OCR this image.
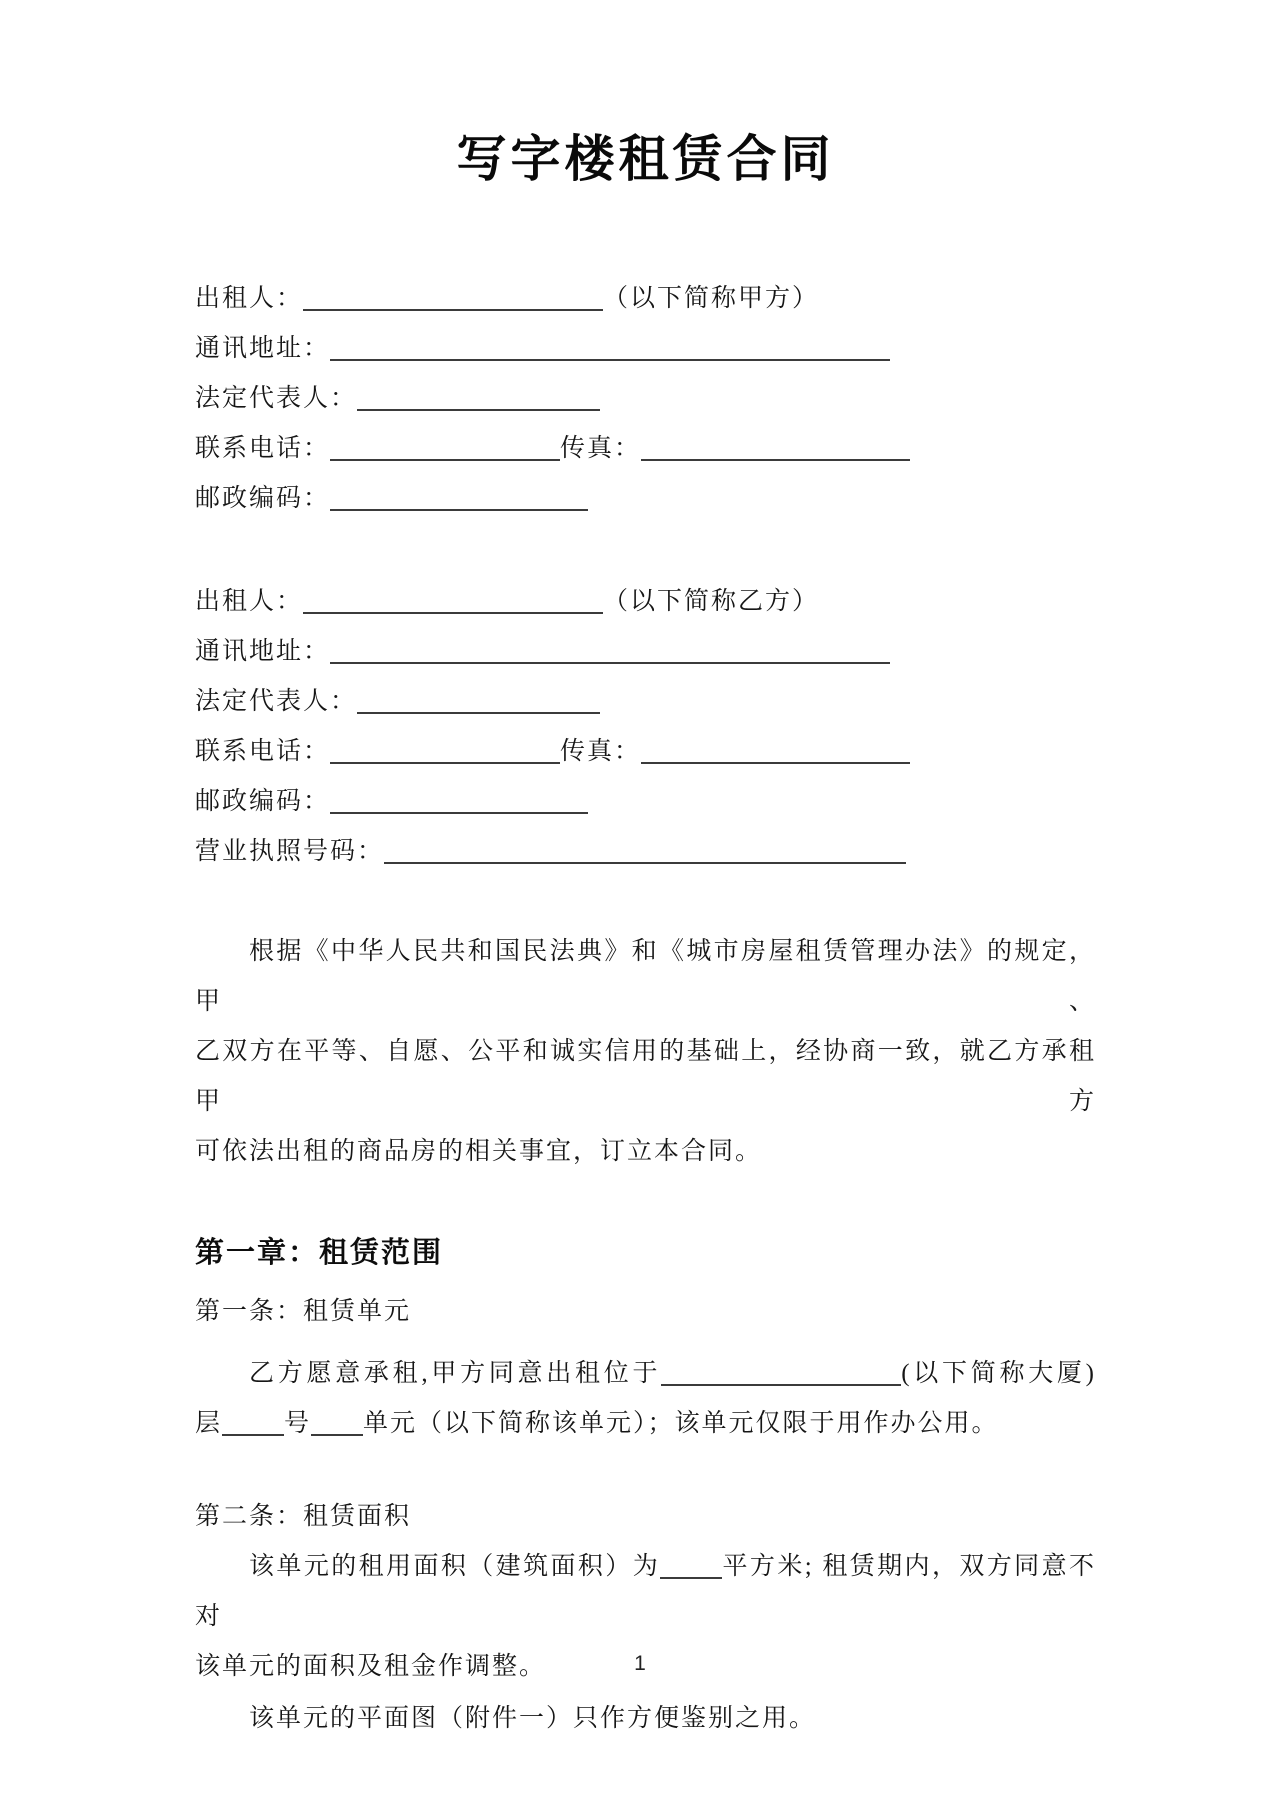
写字楼租赁合同
出租人：	（以下简称甲方）
通讯地址：
法定代表人：
联系电话：	传真：
邮政编码：
出租人：	（以下简称乙方）
通讯地址：
法定代表人：
联系电话：	传真：
邮政编码：
营业执照号码：
根据《中华人民共和国民法典》和《城市房屋租赁管理办法》的规定，甲、
乙双方在平等、自愿、公平和诚实信用的基础上，经协商一致，就乙方承租甲方
可依法出租的商品房的相关事宜，订立本合同。
第一章：租赁范围
第一条：租赁单元
乙方愿意承租,甲方同意出租位于	(以下简称大厦)
层 号 单元（以下简称该单元）；该单元仅限于用作办公用。
第二条：租赁面积
该单元的租用面积（建筑面积）为 平方米; 租赁期内，双方同意不对
该单元的面积及租金作调整。
该单元的平面图（附件一）只作方便鉴别之用。
1
